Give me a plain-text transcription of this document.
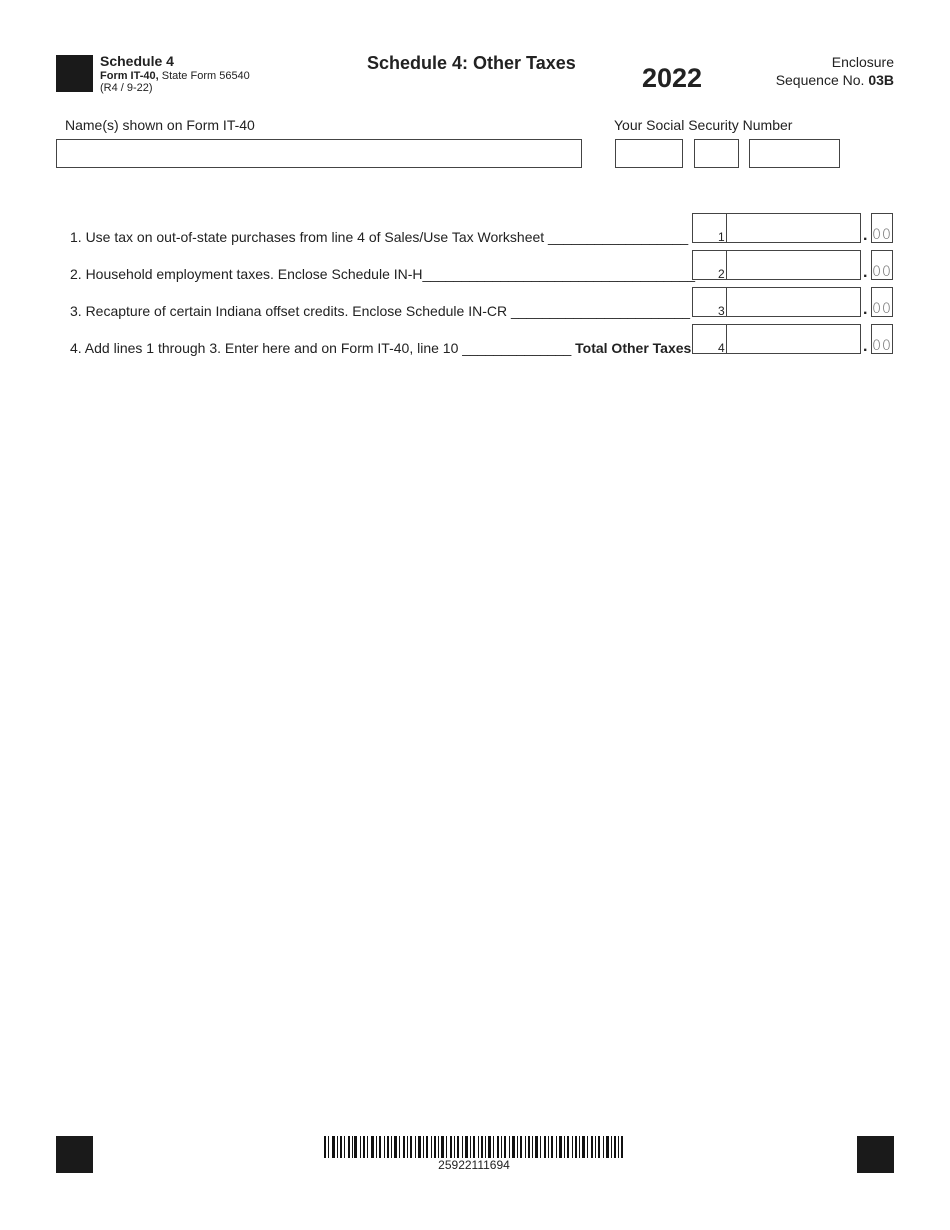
Schedule 4
Form IT-40, State Form 56540
(R4 / 9-22)
Schedule 4: Other Taxes 2022
Enclosure
Sequence No. 03B
Name(s) shown on Form IT-40	Your Social Security Number
1. Use tax on out-of-state purchases from line 4 of Sales/Use Tax Worksheet __________________ 1	. 00
2. Household employment taxes. Enclose Schedule IN-H___________________________________ 2	. 00
3. Recapture of certain Indiana offset credits. Enclose Schedule IN-CR _______________________ 3	. 00
4. Add lines 1 through 3. Enter here and on Form IT-40, line 10 ______________ Total Other Taxes 4	. 00
25922111694
